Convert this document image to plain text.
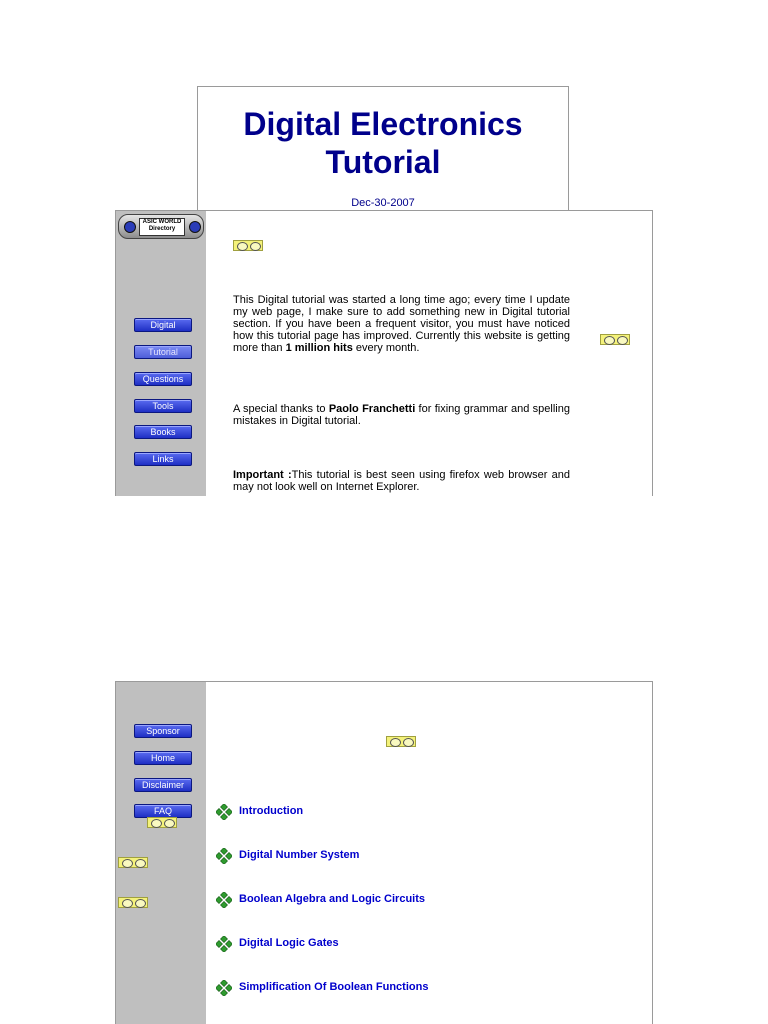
Digital Electronics
Tutorial
Dec-30-2007
ASIC WORLD
Directory
Digital
Tutorial
Questions
Tools
Books
Links
This Digital tutorial was started a long time ago; every time I update my web page, I make sure to add something new in Digital tutorial section. If you have been a frequent visitor, you must have noticed how this tutorial page has improved. Currently this website is getting more than 1 million hits every month.
A special thanks to Paolo Franchetti for fixing grammar and spelling mistakes in Digital tutorial.
Important :This tutorial is best seen using firefox web browser and may not look well on Internet Explorer.
Sponsor
Home
Disclaimer
FAQ	Introduction
Digital Number System
Boolean Algebra and Logic Circuits
Digital Logic Gates
Simplification Of Boolean Functions
